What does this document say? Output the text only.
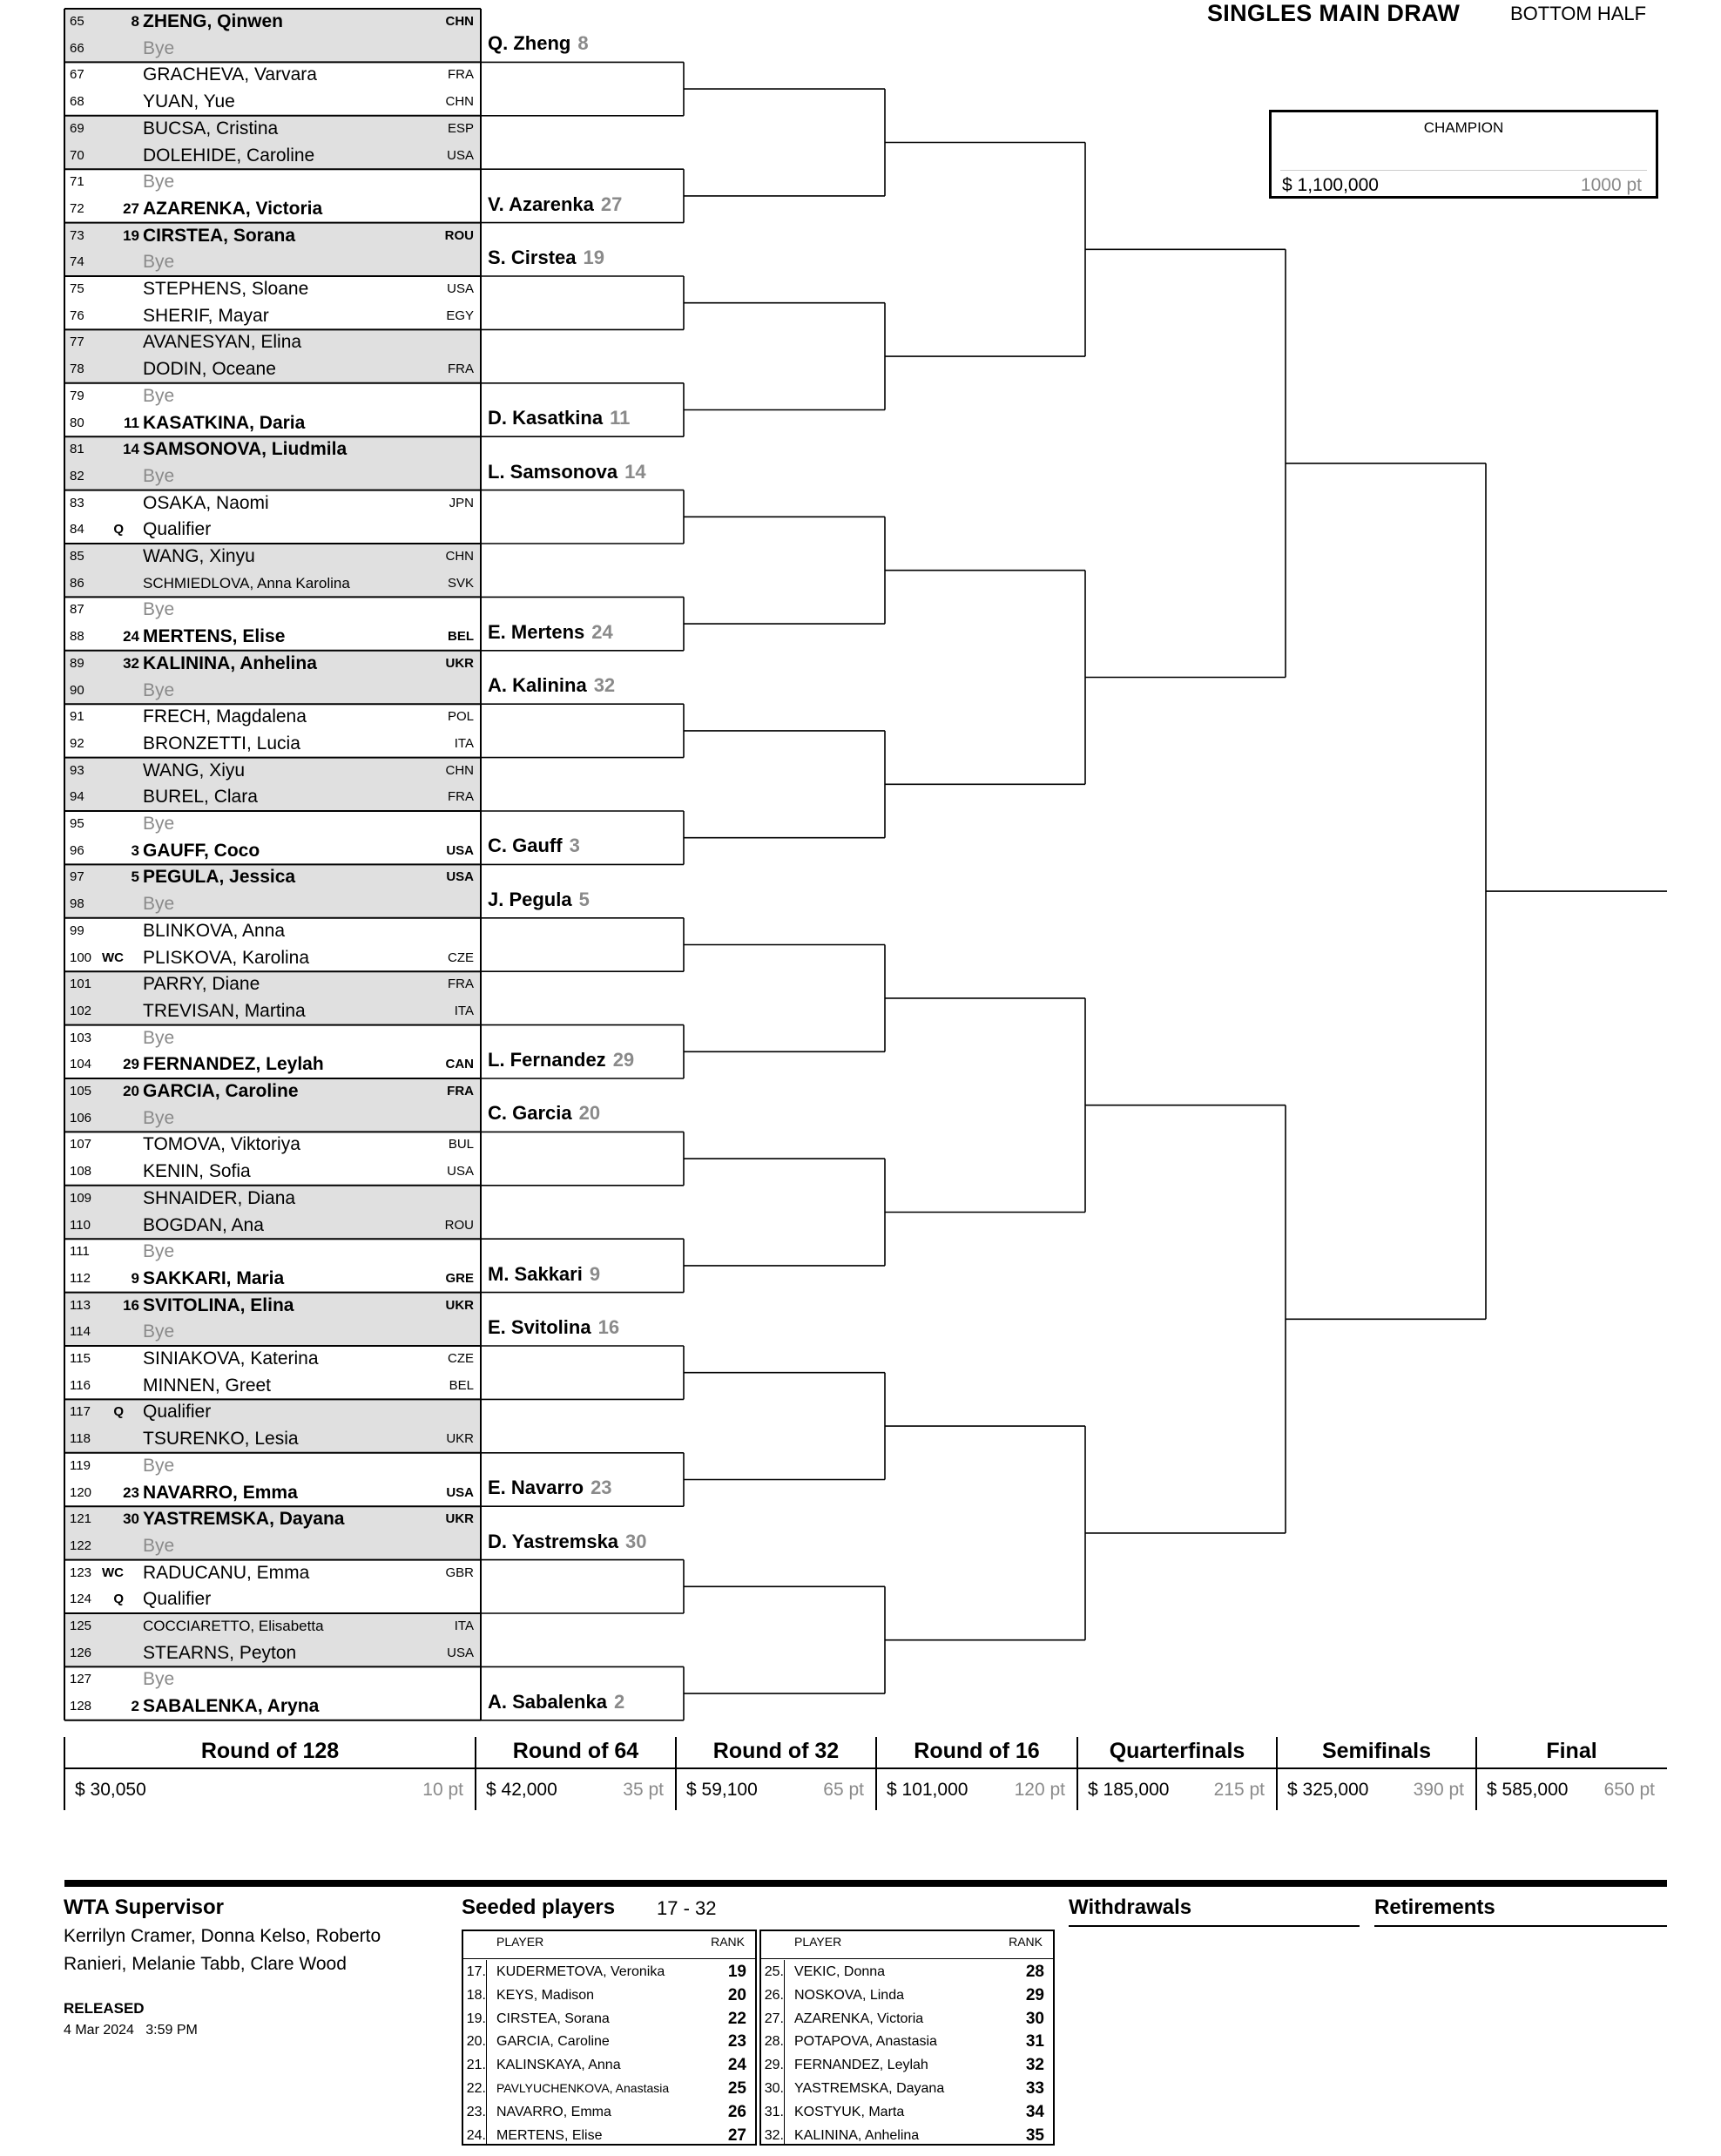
SINGLES MAIN DRAW	BOTTOM HALF
CHAMPION
$ 1,100,000	1000 pt
65	8 ZHENG, Qinwen	CHN
66	Bye
67	GRACHEVA, Varvara	FRA
68	YUAN, Yue	CHN
69	BUCSA, Cristina	ESP
70	DOLEHIDE, Caroline	USA
71	Bye
72	27 AZARENKA, Victoria
73	19 CIRSTEA, Sorana	ROU
74	Bye
75	STEPHENS, Sloane	USA
76	SHERIF, Mayar	EGY
77	AVANESYAN, Elina
78	DODIN, Oceane	FRA
79	Bye
80	11 KASATKINA, Daria
81	14 SAMSONOVA, Liudmila
82	Bye
83	OSAKA, Naomi	JPN
84	Q Qualifier
85	WANG, Xinyu	CHN
86	SCHMIEDLOVA, Anna Karolina	SVK
87	Bye
88	24 MERTENS, Elise	BEL
89	32 KALININA, Anhelina	UKR
90	Bye
91	FRECH, Magdalena	POL
92	BRONZETTI, Lucia	ITA
93	WANG, Xiyu	CHN
94	BUREL, Clara	FRA
95	Bye
96	3 GAUFF, Coco	USA
97	5 PEGULA, Jessica	USA
98	Bye
99	BLINKOVA, Anna
100 WC PLISKOVA, Karolina	CZE
101	PARRY, Diane	FRA
102	TREVISAN, Martina	ITA
103	Bye
104	29 FERNANDEZ, Leylah	CAN
105	20 GARCIA, Caroline	FRA
106	Bye
107	TOMOVA, Viktoriya	BUL
108	KENIN, Sofia	USA
109	SHNAIDER, Diana
110	BOGDAN, Ana	ROU
111	Bye
112	9 SAKKARI, Maria	GRE
113	16 SVITOLINA, Elina	UKR
114	Bye
115	SINIAKOVA, Katerina	CZE
116	MINNEN, Greet	BEL
117	Q Qualifier
118	TSURENKO, Lesia	UKR
119	Bye
120	23 NAVARRO, Emma	USA
121	30 YASTREMSKA, Dayana	UKR
122	Bye
123 WC RADUCANU, Emma	GBR
124	Q Qualifier
125	COCCIARETTO, Elisabetta	ITA
126	STEARNS, Peyton	USA
127	Bye
128	2 SABALENKA, Aryna
Q. Zheng 8
V. Azarenka 27
S. Cirstea 19
D. Kasatkina 11
L. Samsonova 14
E. Mertens 24
A. Kalinina 32
C. Gauff 3
J. Pegula 5
L. Fernandez 29
C. Garcia 20
M. Sakkari 9
E. Svitolina 16
E. Navarro 23
D. Yastremska 30
A. Sabalenka 2
Round of 128
$ 30,050	10 pt
Round of 64
$ 42,000	35 pt
Round of 32
$ 59,100	65 pt
Round of 16
$ 101,000	120 pt
Quarterfinals
$ 185,000	215 pt
Semifinals
$ 325,000	390 pt
Final
$ 585,000	650 pt
WTA Supervisor
Kerrilyn Cramer, Donna Kelso, Roberto
Ranieri, Melanie Tabb, Clare Wood
RELEASED
4 Mar 2024   3:59 PM
Seeded players 17 - 32
PLAYER	RANK
17. KUDERMETOVA, Veronika	19
18. KEYS, Madison	20
19. CIRSTEA, Sorana	22
20. GARCIA, Caroline	23
21. KALINSKAYA, Anna	24
22. PAVLYUCHENKOVA, Anastasia	25
23. NAVARRO, Emma	26
24. MERTENS, Elise	27
PLAYER	RANK
25. VEKIC, Donna	28
26. NOSKOVA, Linda	29
27. AZARENKA, Victoria	30
28. POTAPOVA, Anastasia	31
29. FERNANDEZ, Leylah	32
30. YASTREMSKA, Dayana	33
31. KOSTYUK, Marta	34
32. KALININA, Anhelina	35
Withdrawals	Retirements
